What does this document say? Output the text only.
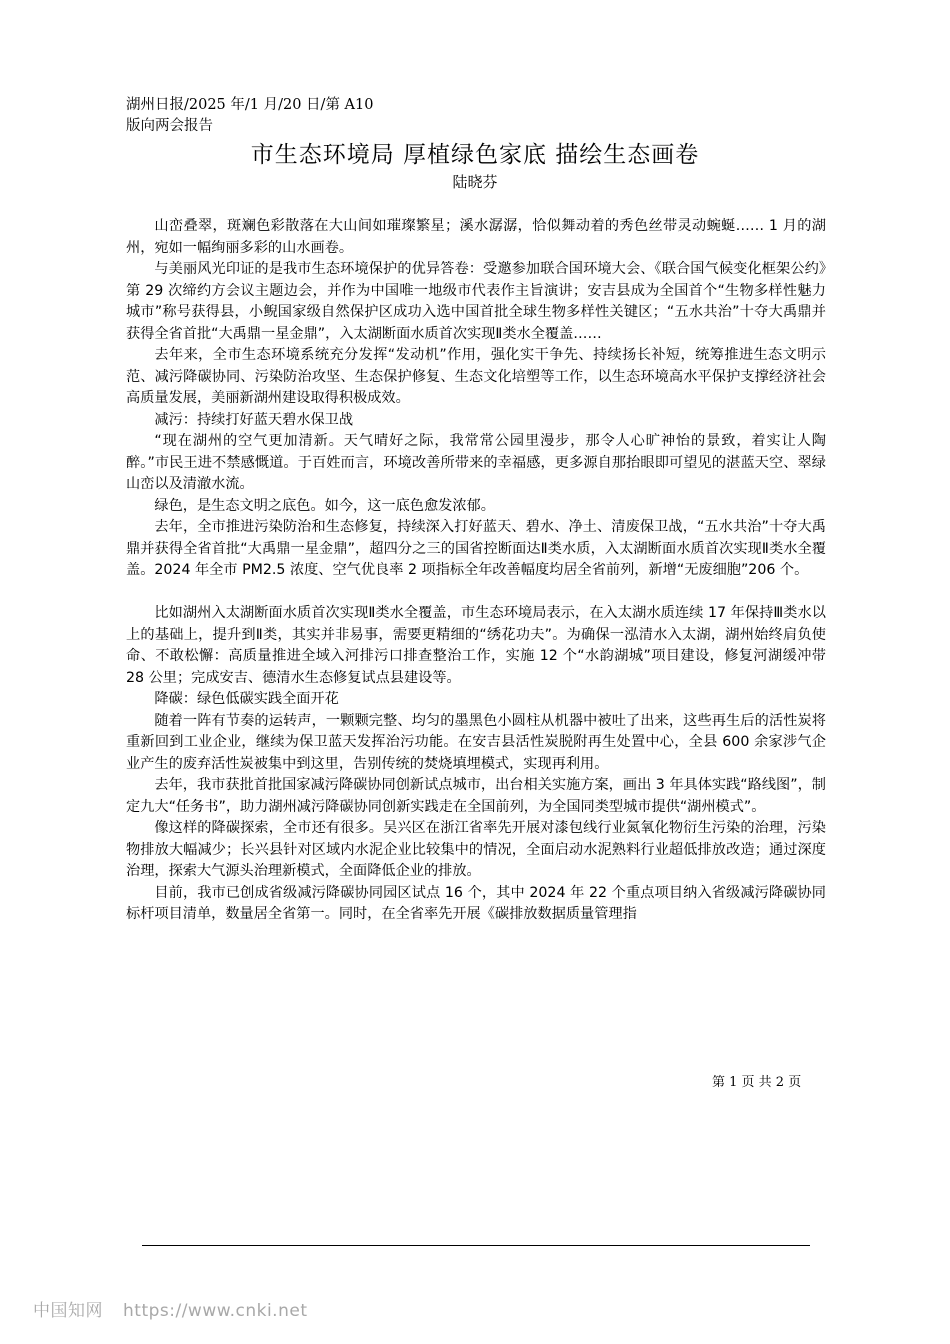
湖州日报/2025 年/1 月/20 日/第 A10
版向两会报告
市生态环境局 厚植绿色家底 描绘生态画卷
陆晓芬

山峦叠翠，斑斓色彩散落在大山间如璀璨繁星；溪水潺潺，恰似舞动着的秀色丝带灵动蜿蜒…… 1 月的湖州，宛如一幅绚丽多彩的山水画卷。

与美丽风光印证的是我市生态环境保护的优异答卷：受邀参加联合国环境大会、《联合国气候变化框架公约》第 29 次缔约方会议主题边会，并作为中国唯一地级市代表作主旨演讲；安吉县成为全国首个“生物多样性魅力城市”称号获得县，小鲵国家级自然保护区成功入选中国首批全球生物多样性关键区；“五水共治”十夺大禹鼎并获得全省首批“大禹鼎一星金鼎”，入太湖断面水质首次实现Ⅱ类水全覆盖……

去年来，全市生态环境系统充分发挥“发动机”作用，强化实干争先、持续扬长补短，统筹推进生态文明示范、减污降碳协同、污染防治攻坚、生态保护修复、生态文化培塑等工作，以生态环境高水平保护支撑经济社会高质量发展，美丽新湖州建设取得积极成效。

减污：持续打好蓝天碧水保卫战

“现在湖州的空气更加清新。天气晴好之际，我常常公园里漫步，那令人心旷神怡的景致，着实让人陶醉。”市民王进不禁感慨道。于百姓而言，环境改善所带来的幸福感，更多源自那抬眼即可望见的湛蓝天空、翠绿山峦以及清澈水流。

绿色，是生态文明之底色。如今，这一底色愈发浓郁。

去年，全市推进污染防治和生态修复，持续深入打好蓝天、碧水、净土、清废保卫战，“五水共治”十夺大禹鼎并获得全省首批“大禹鼎一星金鼎”，超四分之三的国省控断面达Ⅱ类水质，入太湖断面水质首次实现Ⅱ类水全覆盖。2024 年全市 PM2.5 浓度、空气优良率 2 项指标全年改善幅度均居全省前列，新增“无废细胞”206 个。

比如湖州入太湖断面水质首次实现Ⅱ类水全覆盖，市生态环境局表示，在入太湖水质连续 17 年保持Ⅲ类水以上的基础上，提升到Ⅱ类，其实并非易事，需要更精细的“绣花功夫”。为确保一泓清水入太湖，湖州始终肩负使命、不敢松懈：高质量推进全域入河排污口排查整治工作，实施 12 个“水韵湖城”项目建设，修复河湖缓冲带 28 公里；完成安吉、德清水生态修复试点县建设等。

降碳：绿色低碳实践全面开花

随着一阵有节奏的运转声，一颗颗完整、均匀的墨黑色小圆柱从机器中被吐了出来，这些再生后的活性炭将重新回到工业企业，继续为保卫蓝天发挥治污功能。在安吉县活性炭脱附再生处置中心，全县 600 余家涉气企业产生的废弃活性炭被集中到这里，告别传统的焚烧填埋模式，实现再利用。

去年，我市获批首批国家减污降碳协同创新试点城市，出台相关实施方案，画出 3 年具体实践“路线图”，制定九大“任务书”，助力湖州减污降碳协同创新实践走在全国前列，为全国同类型城市提供“湖州模式”。

像这样的降碳探索，全市还有很多。吴兴区在浙江省率先开展对漆包线行业氮氧化物衍生污染的治理，污染物排放大幅减少；长兴县针对区域内水泥企业比较集中的情况，全面启动水泥熟料行业超低排放改造；通过深度治理，探索大气源头治理新模式，全面降低企业的排放。

目前，我市已创成省级减污降碳协同园区试点 16 个，其中 2024 年 22 个重点项目纳入省级减污降碳协同标杆项目清单，数量居全省第一。同时，在全省率先开展《碳排放数据质量管理指

第 1 页 共 2 页
中国知网 https://www.cnki.net
